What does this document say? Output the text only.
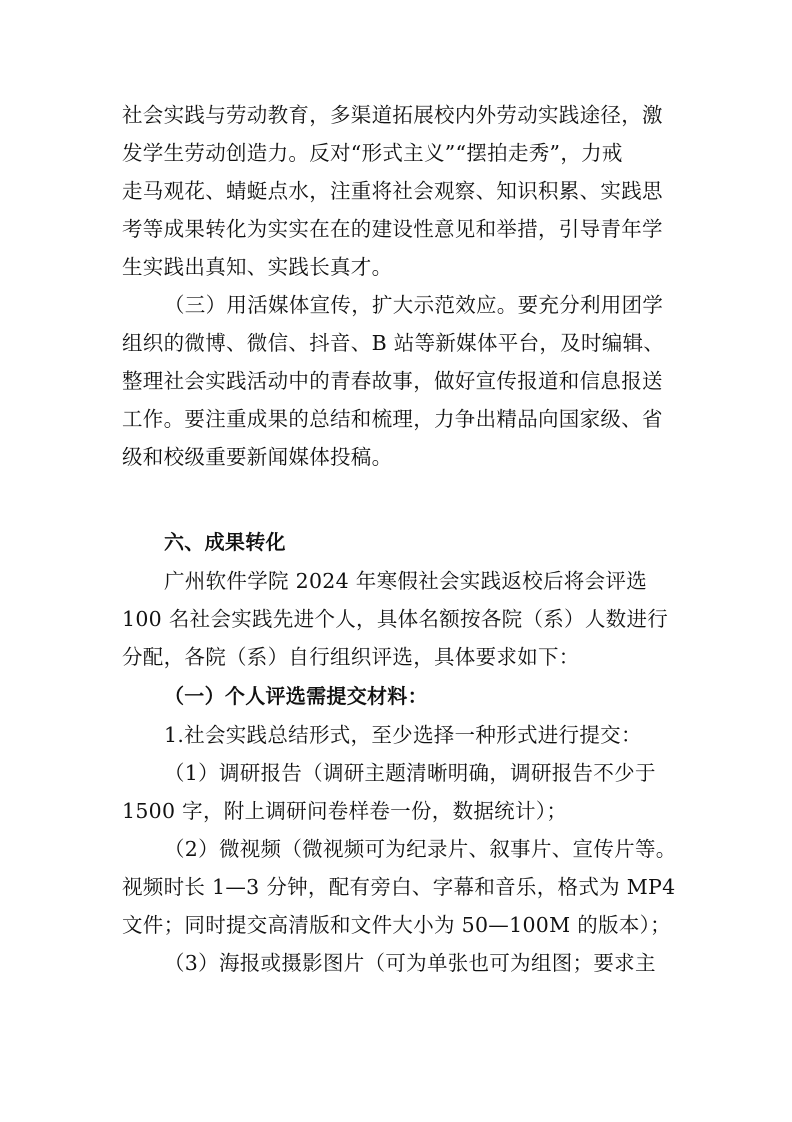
社会实践与劳动教育，多渠道拓展校内外劳动实践途径，激
发学生劳动创造力。反对“形式主义”“摆拍走秀”，力戒
走马观花、蜻蜓点水，注重将社会观察、知识积累、实践思
考等成果转化为实实在在的建设性意见和举措，引导青年学
生实践出真知、实践长真才。
（三）用活媒体宣传，扩大示范效应。要充分利用团学
组织的微博、微信、抖音、B 站等新媒体平台，及时编辑、
整理社会实践活动中的青春故事，做好宣传报道和信息报送
工作。要注重成果的总结和梳理，力争出精品向国家级、省
级和校级重要新闻媒体投稿。
六、成果转化
广州软件学院 2024 年寒假社会实践返校后将会评选
100 名社会实践先进个人，具体名额按各院（系）人数进行
分配，各院（系）自行组织评选，具体要求如下：
（一）个人评选需提交材料：
1.社会实践总结形式，至少选择一种形式进行提交：
（1）调研报告（调研主题清晰明确，调研报告不少于
1500 字，附上调研问卷样卷一份，数据统计）；
（2）微视频（微视频可为纪录片、叙事片、宣传片等。
视频时长 1—3 分钟，配有旁白、字幕和音乐，格式为 MP4
文件；同时提交高清版和文件大小为 50—100M 的版本）；
（3）海报或摄影图片（可为单张也可为组图；要求主
